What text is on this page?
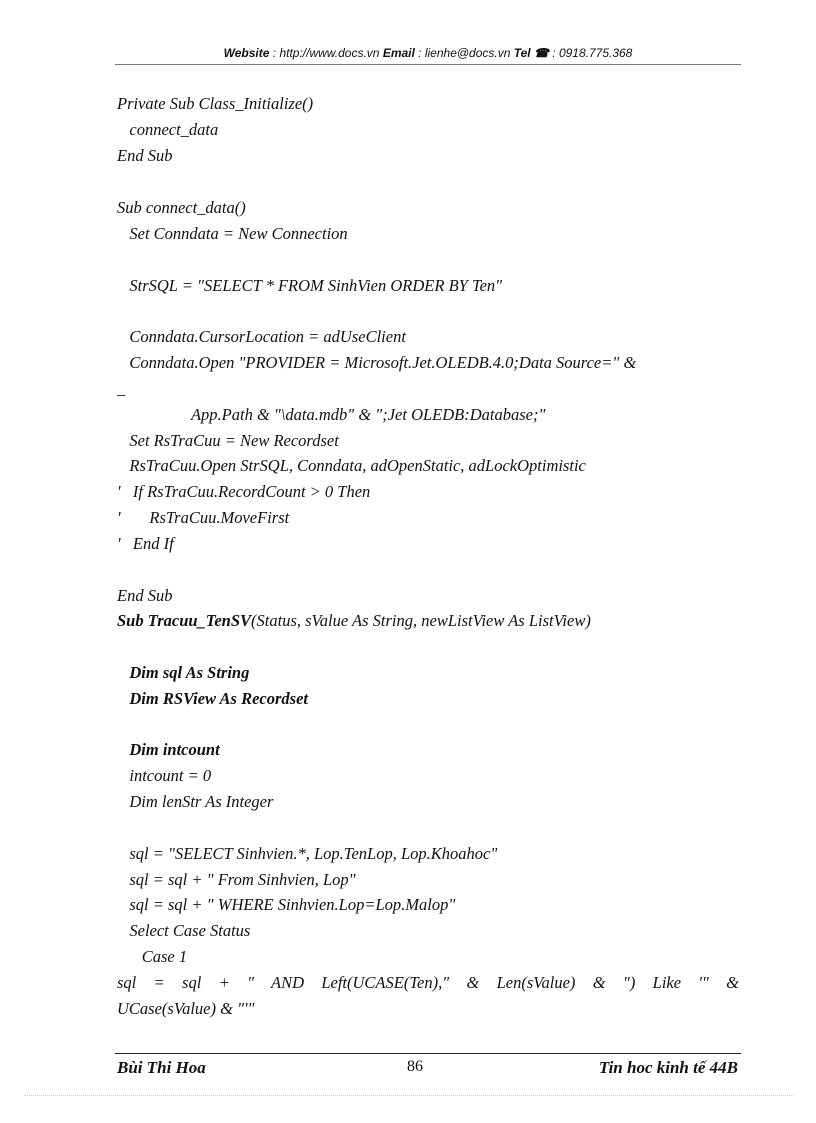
Website : http://www.docs.vn Email : lienhe@docs.vn Tel ☎ : 0918.775.368
Private Sub Class_Initialize()
connect_data
End Sub
Sub connect_data()
Set Conndata = New Connection
StrSQL = "SELECT * FROM SinhVien ORDER BY Ten"
Conndata.CursorLocation = adUseClient
Conndata.Open "PROVIDER = Microsoft.Jet.OLEDB.4.0;Data Source=" &
_
App.Path & "\data.mdb" & ";Jet OLEDB:Database;"
Set RsTraCuu = New Recordset
RsTraCuu.Open StrSQL, Conndata, adOpenStatic, adLockOptimistic
'   If RsTraCuu.RecordCount > 0 Then
'       RsTraCuu.MoveFirst
'   End If
End Sub
Sub Tracuu_TenSV(Status, sValue As String, newListView As ListView)
Dim sql As String
Dim RSView As Recordset
Dim intcount
intcount = 0
Dim lenStr As Integer
sql = "SELECT Sinhvien.*, Lop.TenLop, Lop.Khoahoc"
sql = sql + " From Sinhvien, Lop"
sql = sql + " WHERE Sinhvien.Lop=Lop.Malop"
Select Case Status
Case 1
sql = sql + " AND Left(UCASE(Ten)," & Len(sValue) & ") Like '" &
UCase(sValue) & "'"
Bùi Thi Hoa	86	Tin hoc kinh tế 44B
